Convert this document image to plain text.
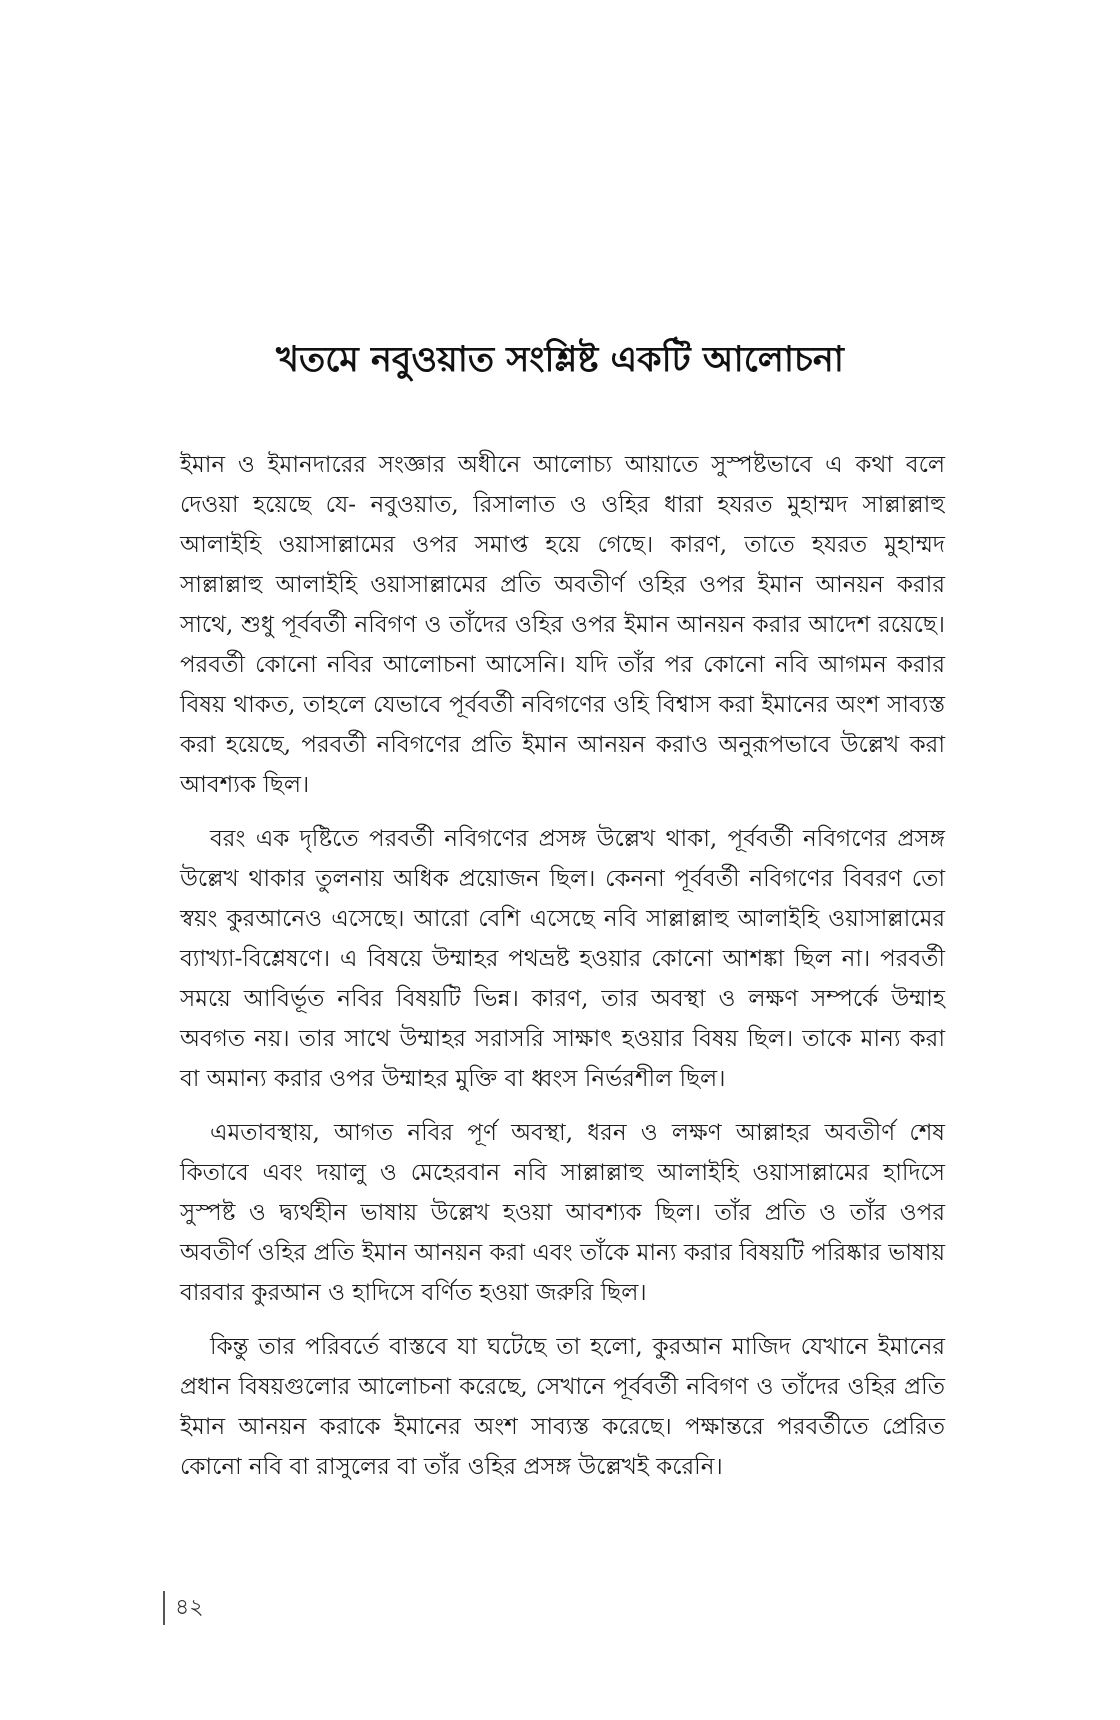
খতমে নবুওয়াত সংশ্লিষ্ট একটি আলোচনা

ইমান ও ইমানদারের সংজ্ঞার অধীনে আলোচ্য আয়াতে সুস্পষ্টভাবে এ কথা বলে দেওয়া হয়েছে যে- নবুওয়াত, রিসালাত ও ওহির ধারা হযরত মুহাম্মদ সাল্লাল্লাহু আলাইহি ওয়াসাল্লামের ওপর সমাপ্ত হয়ে গেছে। কারণ, তাতে হযরত মুহাম্মদ সাল্লাল্লাহু আলাইহি ওয়াসাল্লামের প্রতি অবতীর্ণ ওহির ওপর ইমান আনয়ন করার সাথে, শুধু পূর্ববর্তী নবিগণ ও তাঁদের ওহির ওপর ইমান আনয়ন করার আদেশ রয়েছে। পরবর্তী কোনো নবির আলোচনা আসেনি। যদি তাঁর পর কোনো নবি আগমন করার বিষয় থাকত, তাহলে যেভাবে পূর্ববর্তী নবিগণের ওহি বিশ্বাস করা ইমানের অংশ সাব্যস্ত করা হয়েছে, পরবর্তী নবিগণের প্রতি ইমান আনয়ন করাও অনুরূপভাবে উল্লেখ করা আবশ্যক ছিল।

বরং এক দৃষ্টিতে পরবর্তী নবিগণের প্রসঙ্গ উল্লেখ থাকা, পূর্ববর্তী নবিগণের প্রসঙ্গ উল্লেখ থাকার তুলনায় অধিক প্রয়োজন ছিল। কেননা পূর্ববর্তী নবিগণের বিবরণ তো স্বয়ং কুরআনেও এসেছে। আরো বেশি এসেছে নবি সাল্লাল্লাহু আলাইহি ওয়াসাল্লামের ব্যাখ্যা-বিশ্লেষণে। এ বিষয়ে উম্মাহর পথভ্রষ্ট হওয়ার কোনো আশঙ্কা ছিল না। পরবর্তী সময়ে আবির্ভূত নবির বিষয়টি ভিন্ন। কারণ, তার অবস্থা ও লক্ষণ সম্পর্কে উম্মাহ অবগত নয়। তার সাথে উম্মাহর সরাসরি সাক্ষাৎ হওয়ার বিষয় ছিল। তাকে মান্য করা বা অমান্য করার ওপর উম্মাহর মুক্তি বা ধ্বংস নির্ভরশীল ছিল।

এমতাবস্থায়, আগত নবির পূর্ণ অবস্থা, ধরন ও লক্ষণ আল্লাহর অবতীর্ণ শেষ কিতাবে এবং দয়ালু ও মেহেরবান নবি সাল্লাল্লাহু আলাইহি ওয়াসাল্লামের হাদিসে সুস্পষ্ট ও দ্ব্যর্থহীন ভাষায় উল্লেখ হওয়া আবশ্যক ছিল। তাঁর প্রতি ও তাঁর ওপর অবতীর্ণ ওহির প্রতি ইমান আনয়ন করা এবং তাঁকে মান্য করার বিষয়টি পরিষ্কার ভাষায় বারবার কুরআন ও হাদিসে বর্ণিত হওয়া জরুরি ছিল।

কিন্তু তার পরিবর্তে বাস্তবে যা ঘটেছে তা হলো, কুরআন মাজিদ যেখানে ইমানের প্রধান বিষয়গুলোর আলোচনা করেছে, সেখানে পূর্ববর্তী নবিগণ ও তাঁদের ওহির প্রতি ইমান আনয়ন করাকে ইমানের অংশ সাব্যস্ত করেছে। পক্ষান্তরে পরবর্তীতে প্রেরিত কোনো নবি বা রাসুলের বা তাঁর ওহির প্রসঙ্গ উল্লেখই করেনি।

৪২
